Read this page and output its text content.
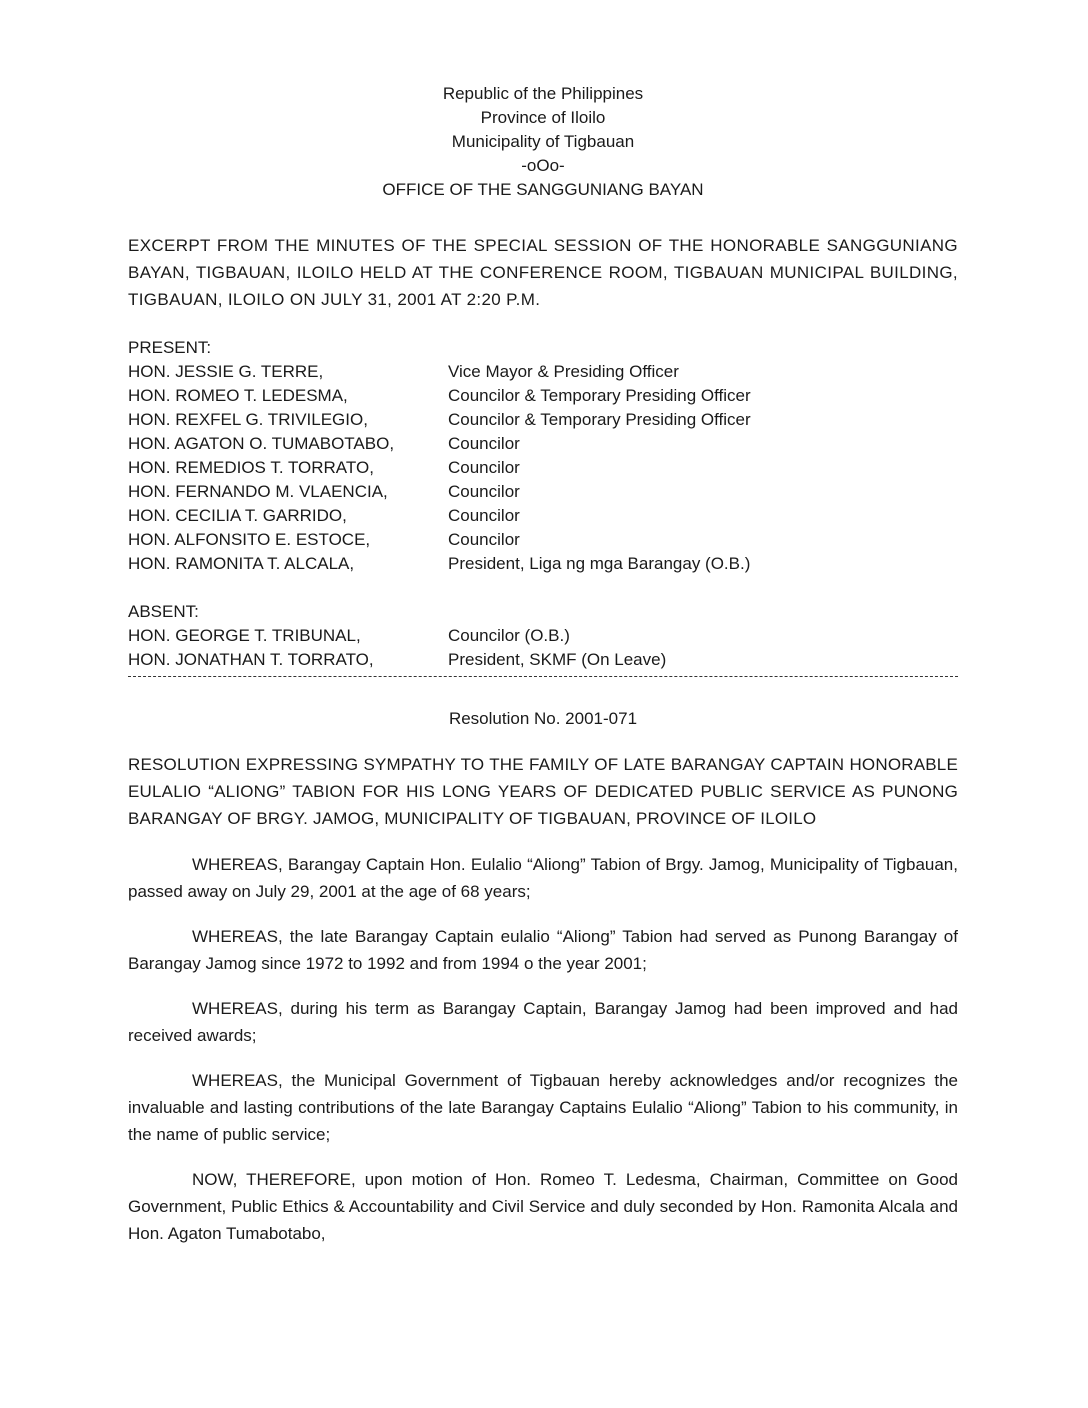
Republic of the Philippines
Province of Iloilo
Municipality of Tigbauan
-oOo-
OFFICE OF THE SANGGUNIANG BAYAN
EXCERPT FROM THE MINUTES OF THE SPECIAL SESSION OF THE HONORABLE SANGGUNIANG BAYAN, TIGBAUAN, ILOILO HELD AT THE CONFERENCE ROOM, TIGBAUAN MUNICIPAL BUILDING, TIGBAUAN, ILOILO ON JULY 31, 2001 AT 2:20 P.M.
PRESENT:
HON. JESSIE G. TERRE,	Vice Mayor & Presiding Officer
HON. ROMEO T. LEDESMA,	Councilor & Temporary Presiding Officer
HON. REXFEL G. TRIVILEGIO,	Councilor & Temporary Presiding Officer
HON. AGATON O. TUMABOTABO,	Councilor
HON. REMEDIOS T. TORRATO,	Councilor
HON. FERNANDO M. VLAENCIA,	Councilor
HON. CECILIA T. GARRIDO,	Councilor
HON. ALFONSITO E. ESTOCE,	Councilor
HON. RAMONITA T. ALCALA,	President, Liga ng mga Barangay (O.B.)
ABSENT:
HON. GEORGE T. TRIBUNAL,	Councilor (O.B.)
HON. JONATHAN T. TORRATO,	President, SKMF (On Leave)
Resolution No. 2001-071
RESOLUTION EXPRESSING SYMPATHY TO THE FAMILY OF LATE BARANGAY CAPTAIN HONORABLE EULALIO “ALIONG” TABION FOR HIS LONG YEARS OF DEDICATED PUBLIC SERVICE AS PUNONG BARANGAY OF BRGY. JAMOG, MUNICIPALITY OF TIGBAUAN, PROVINCE OF ILOILO
WHEREAS, Barangay Captain Hon. Eulalio “Aliong” Tabion of Brgy. Jamog, Municipality of Tigbauan, passed away on July 29, 2001 at the age of 68 years;
WHEREAS, the late Barangay Captain eulalio “Aliong” Tabion had served as Punong Barangay of Barangay Jamog since 1972 to 1992 and from 1994 o the year 2001;
WHEREAS, during his term as Barangay Captain, Barangay Jamog had been improved and had received awards;
WHEREAS, the Municipal Government of Tigbauan hereby acknowledges and/or recognizes the invaluable and lasting contributions of the late Barangay Captains Eulalio “Aliong” Tabion to his community, in the name of public service;
NOW, THEREFORE, upon motion of Hon. Romeo T. Ledesma, Chairman, Committee on Good Government, Public Ethics & Accountability and Civil Service and duly seconded by Hon. Ramonita Alcala and Hon. Agaton Tumabotabo,
